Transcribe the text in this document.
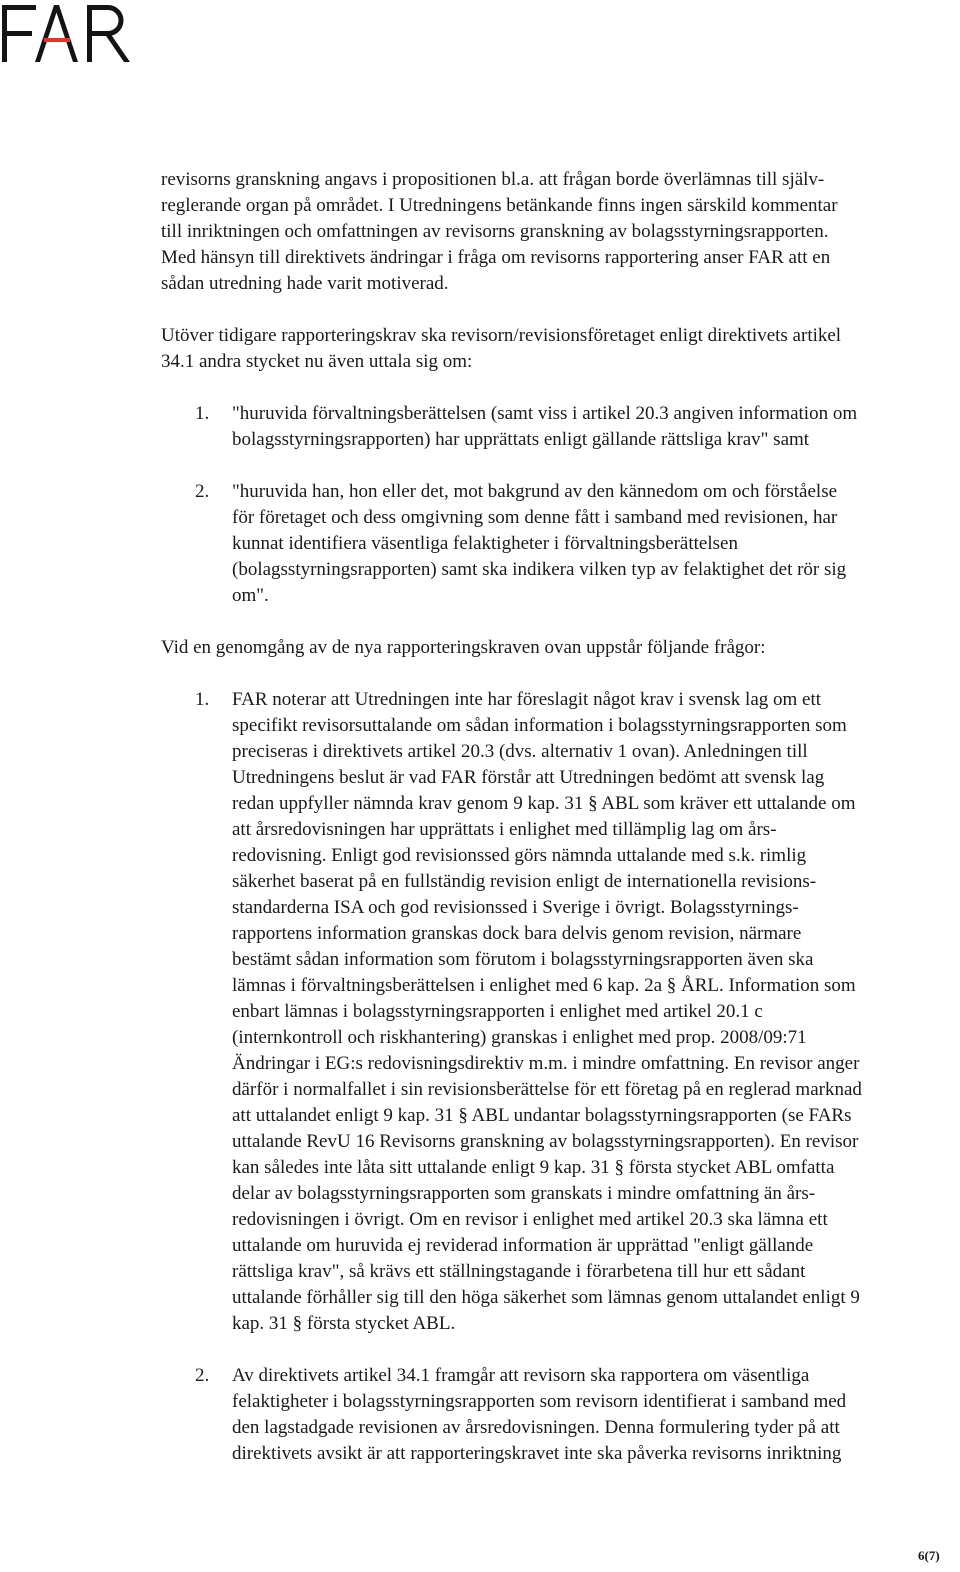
revisorns granskning angavs i propositionen bl.a. att frågan borde överlämnas till själv-
reglerande organ på området. I Utredningens betänkande finns ingen särskild kommentar
till inriktningen och omfattningen av revisorns granskning av bolagsstyrningsrapporten.
Med hänsyn till direktivets ändringar i fråga om revisorns rapportering anser FAR att en
sådan utredning hade varit motiverad.
Utöver tidigare rapporteringskrav ska revisorn/revisionsföretaget enligt direktivets artikel
34.1 andra stycket nu även uttala sig om:
1. "huruvida förvaltningsberättelsen (samt viss i artikel 20.3 angiven information om
bolagsstyrningsrapporten) har upprättats enligt gällande rättsliga krav" samt
2. "huruvida han, hon eller det, mot bakgrund av den kännedom om och förståelse
för företaget och dess omgivning som denne fått i samband med revisionen, har
kunnat identifiera väsentliga felaktigheter i förvaltningsberättelsen
(bolagsstyrningsrapporten) samt ska indikera vilken typ av felaktighet det rör sig
om".
Vid en genomgång av de nya rapporteringskraven ovan uppstår följande frågor:
1. FAR noterar att Utredningen inte har föreslagit något krav i svensk lag om ett
specifikt revisorsuttalande om sådan information i bolagsstyrningsrapporten som
preciseras i direktivets artikel 20.3 (dvs. alternativ 1 ovan). Anledningen till
Utredningens beslut är vad FAR förstår att Utredningen bedömt att svensk lag
redan uppfyller nämnda krav genom 9 kap. 31 § ABL som kräver ett uttalande om
att årsredovisningen har upprättats i enlighet med tillämplig lag om års-
redovisning. Enligt god revisionssed görs nämnda uttalande med s.k. rimlig
säkerhet baserat på en fullständig revision enligt de internationella revisions-
standarderna ISA och god revisionssed i Sverige i övrigt. Bolagsstyrnings-
rapportens information granskas dock bara delvis genom revision, närmare
bestämt sådan information som förutom i bolagsstyrningsrapporten även ska
lämnas i förvaltningsberättelsen i enlighet med 6 kap. 2a § ÅRL. Information som
enbart lämnas i bolagsstyrningsrapporten i enlighet med artikel 20.1 c
(internkontroll och riskhantering) granskas i enlighet med prop. 2008/09:71
Ändringar i EG:s redovisningsdirektiv m.m. i mindre omfattning. En revisor anger
därför i normalfallet i sin revisionsberättelse för ett företag på en reglerad marknad
att uttalandet enligt 9 kap. 31 § ABL undantar bolagsstyrningsrapporten (se FARs
uttalande RevU 16 Revisorns granskning av bolagsstyrningsrapporten). En revisor
kan således inte låta sitt uttalande enligt 9 kap. 31 § första stycket ABL omfatta
delar av bolagsstyrningsrapporten som granskats i mindre omfattning än års-
redovisningen i övrigt. Om en revisor i enlighet med artikel 20.3 ska lämna ett
uttalande om huruvida ej reviderad information är upprättad "enligt gällande
rättsliga krav", så krävs ett ställningstagande i förarbetena till hur ett sådant
uttalande förhåller sig till den höga säkerhet som lämnas genom uttalandet enligt 9
kap. 31 § första stycket ABL.
2. Av direktivets artikel 34.1 framgår att revisorn ska rapportera om väsentliga
felaktigheter i bolagsstyrningsrapporten som revisorn identifierat i samband med
den lagstadgade revisionen av årsredovisningen. Denna formulering tyder på att
direktivets avsikt är att rapporteringskravet inte ska påverka revisorns inriktning
6(7)
